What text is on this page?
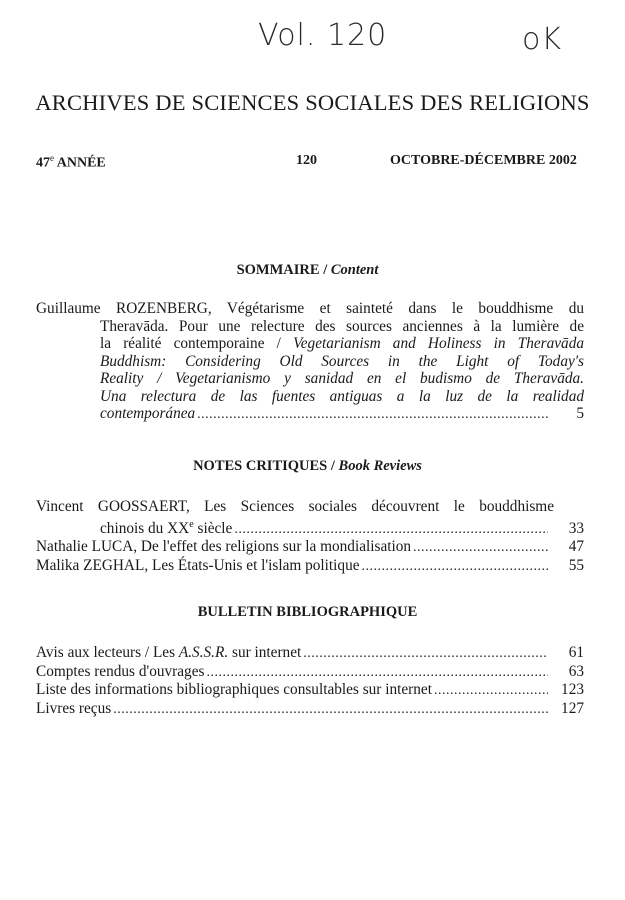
Vol. 120	oK
ARCHIVES DE SCIENCES SOCIALES DES RELIGIONS
47e ANNÉE	120	OCTOBRE-DÉCEMBRE 2002
SOMMAIRE / Content
Guillaume ROZENBERG, Végétarisme et sainteté dans le bouddhisme du
Theravāda. Pour une relecture des sources anciennes à la lumière de
la réalité contemporaine / Vegetarianism and Holiness in Theravāda
Buddhism: Considering Old Sources in the Light of Today's
Reality / Vegetarianismo y sanidad en el budismo de Theravāda.
Una relectura de las fuentes antiguas a la luz de la realidad
contemporánea .....	5
NOTES CRITIQUES / Book Reviews
Vincent GOOSSAERT, Les Sciences sociales découvrent le bouddhisme
chinois du XXe siècle .....	33
Nathalie LUCA, De l'effet des religions sur la mondialisation .....	47
Malika ZEGHAL, Les États-Unis et l'islam politique .....	55
BULLETIN BIBLIOGRAPHIQUE
Avis aux lecteurs / Les A.S.S.R. sur internet .....	61
Comptes rendus d'ouvrages .....	63
Liste des informations bibliographiques consultables sur internet .....	123
Livres reçus .....	127
